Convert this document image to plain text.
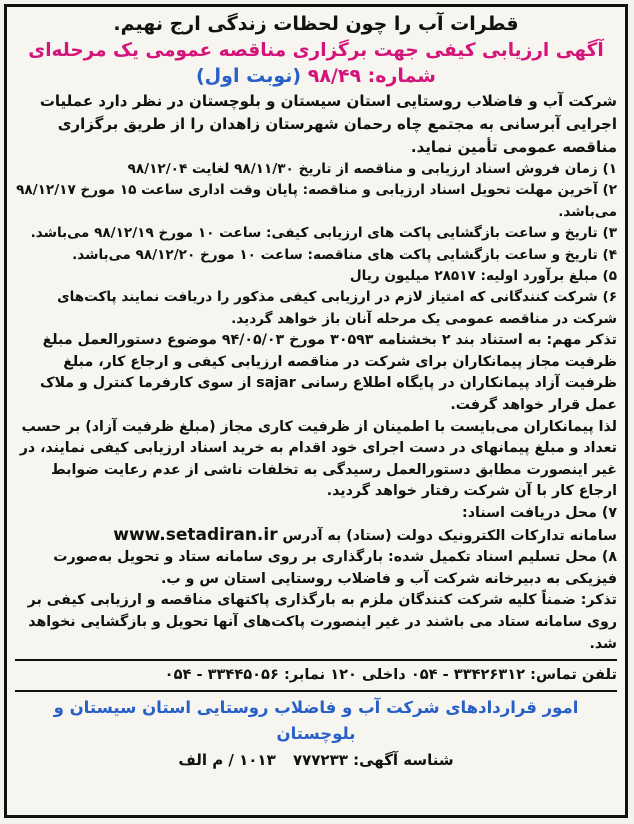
قطرات آب را چون لحظات زندگی ارج نهیم.

آگهی ارزیابی کیفی جهت برگزاری مناقصه عمومی یک مرحله‌ای

شماره: ۹۸/۴۹ (نوبت اول)

شرکت آب و فاضلاب روستایی استان سیستان و بلوچستان در نظر دارد عملیات اجرایی آبرسانی به مجتمع چاه رحمان شهرستان زاهدان را از طریق برگزاری مناقصه عمومی تأمین نماید.

۱) زمان فروش اسناد ارزیابی و مناقصه از تاریخ ۹۸/۱۱/۳۰ لغایت ۹۸/۱۲/۰۴
۲) آخرین مهلت تحویل اسناد ارزیابی و مناقصه: پایان وقت اداری ساعت ۱۵ مورخ ۹۸/۱۲/۱۷ می‌باشد.
۳) تاریخ و ساعت بازگشایی پاکت های ارزیابی کیفی: ساعت ۱۰ مورخ ۹۸/۱۲/۱۹ می‌باشد.
۴) تاریخ و ساعت بازگشایی پاکت های مناقصه: ساعت ۱۰ مورخ ۹۸/۱۲/۲۰ می‌باشد.
۵) مبلغ برآورد اولیه: ۲۸۵۱۷ میلیون ریال
۶) شرکت کنندگانی که امتیاز لازم در ارزیابی کیفی مذکور را دریافت نمایند پاکت‌های شرکت در مناقصه عمومی یک مرحله آنان باز خواهد گردید.

تذکر مهم: به استناد بند ۲ بخشنامه ۳۰۵۹۳ مورخ ۹۴/۰۵/۰۳ موضوع دستورالعمل مبلغ ظرفیت مجاز پیمانکاران برای شرکت در مناقصه ارزیابی کیفی و ارجاع کار، مبلغ ظرفیت آزاد پیمانکاران در پایگاه اطلاع رسانی sajar از سوی کارفرما کنترل و ملاک عمل قرار خواهد گرفت.

لذا پیمانکاران می‌بایست با اطمینان از ظرفیت کاری مجاز (مبلغ ظرفیت آزاد) بر حسب تعداد و مبلغ پیمانهای در دست اجرای خود اقدام به خرید اسناد ارزیابی کیفی نمایند، در غیر اینصورت مطابق دستورالعمل رسیدگی به تخلفات ناشی از عدم رعایت ضوابط ارجاع کار با آن شرکت رفتار خواهد گردید.

۷) محل دریافت اسناد:

سامانه تدارکات الکترونیک دولت (ستاد) به آدرس www.setadiran.ir

۸) محل تسلیم اسناد تکمیل شده: بارگذاری بر روی سامانه ستاد و تحویل به‌صورت فیزیکی به دبیرخانه شرکت آب و فاضلاب روستایی استان س و ب.

تذکر: ضمناً کلیه شرکت کنندگان ملزم به بارگذاری پاکتهای مناقصه و ارزیابی کیفی بر روی سامانه ستاد می باشند در غیر اینصورت پاکت‌های آنها تحویل و بازگشایی نخواهد شد.

تلفن تماس: ۳۳۴۲۶۳۱۲ - ۰۵۴ داخلی ۱۲۰ نمابر: ۳۳۴۴۵۰۵۶ - ۰۵۴

امور قراردادهای شرکت آب و فاضلاب روستایی استان سیستان و بلوچستان

شناسه آگهی: ۷۷۷۲۳۳ ۱۰۱۳ / م الف
